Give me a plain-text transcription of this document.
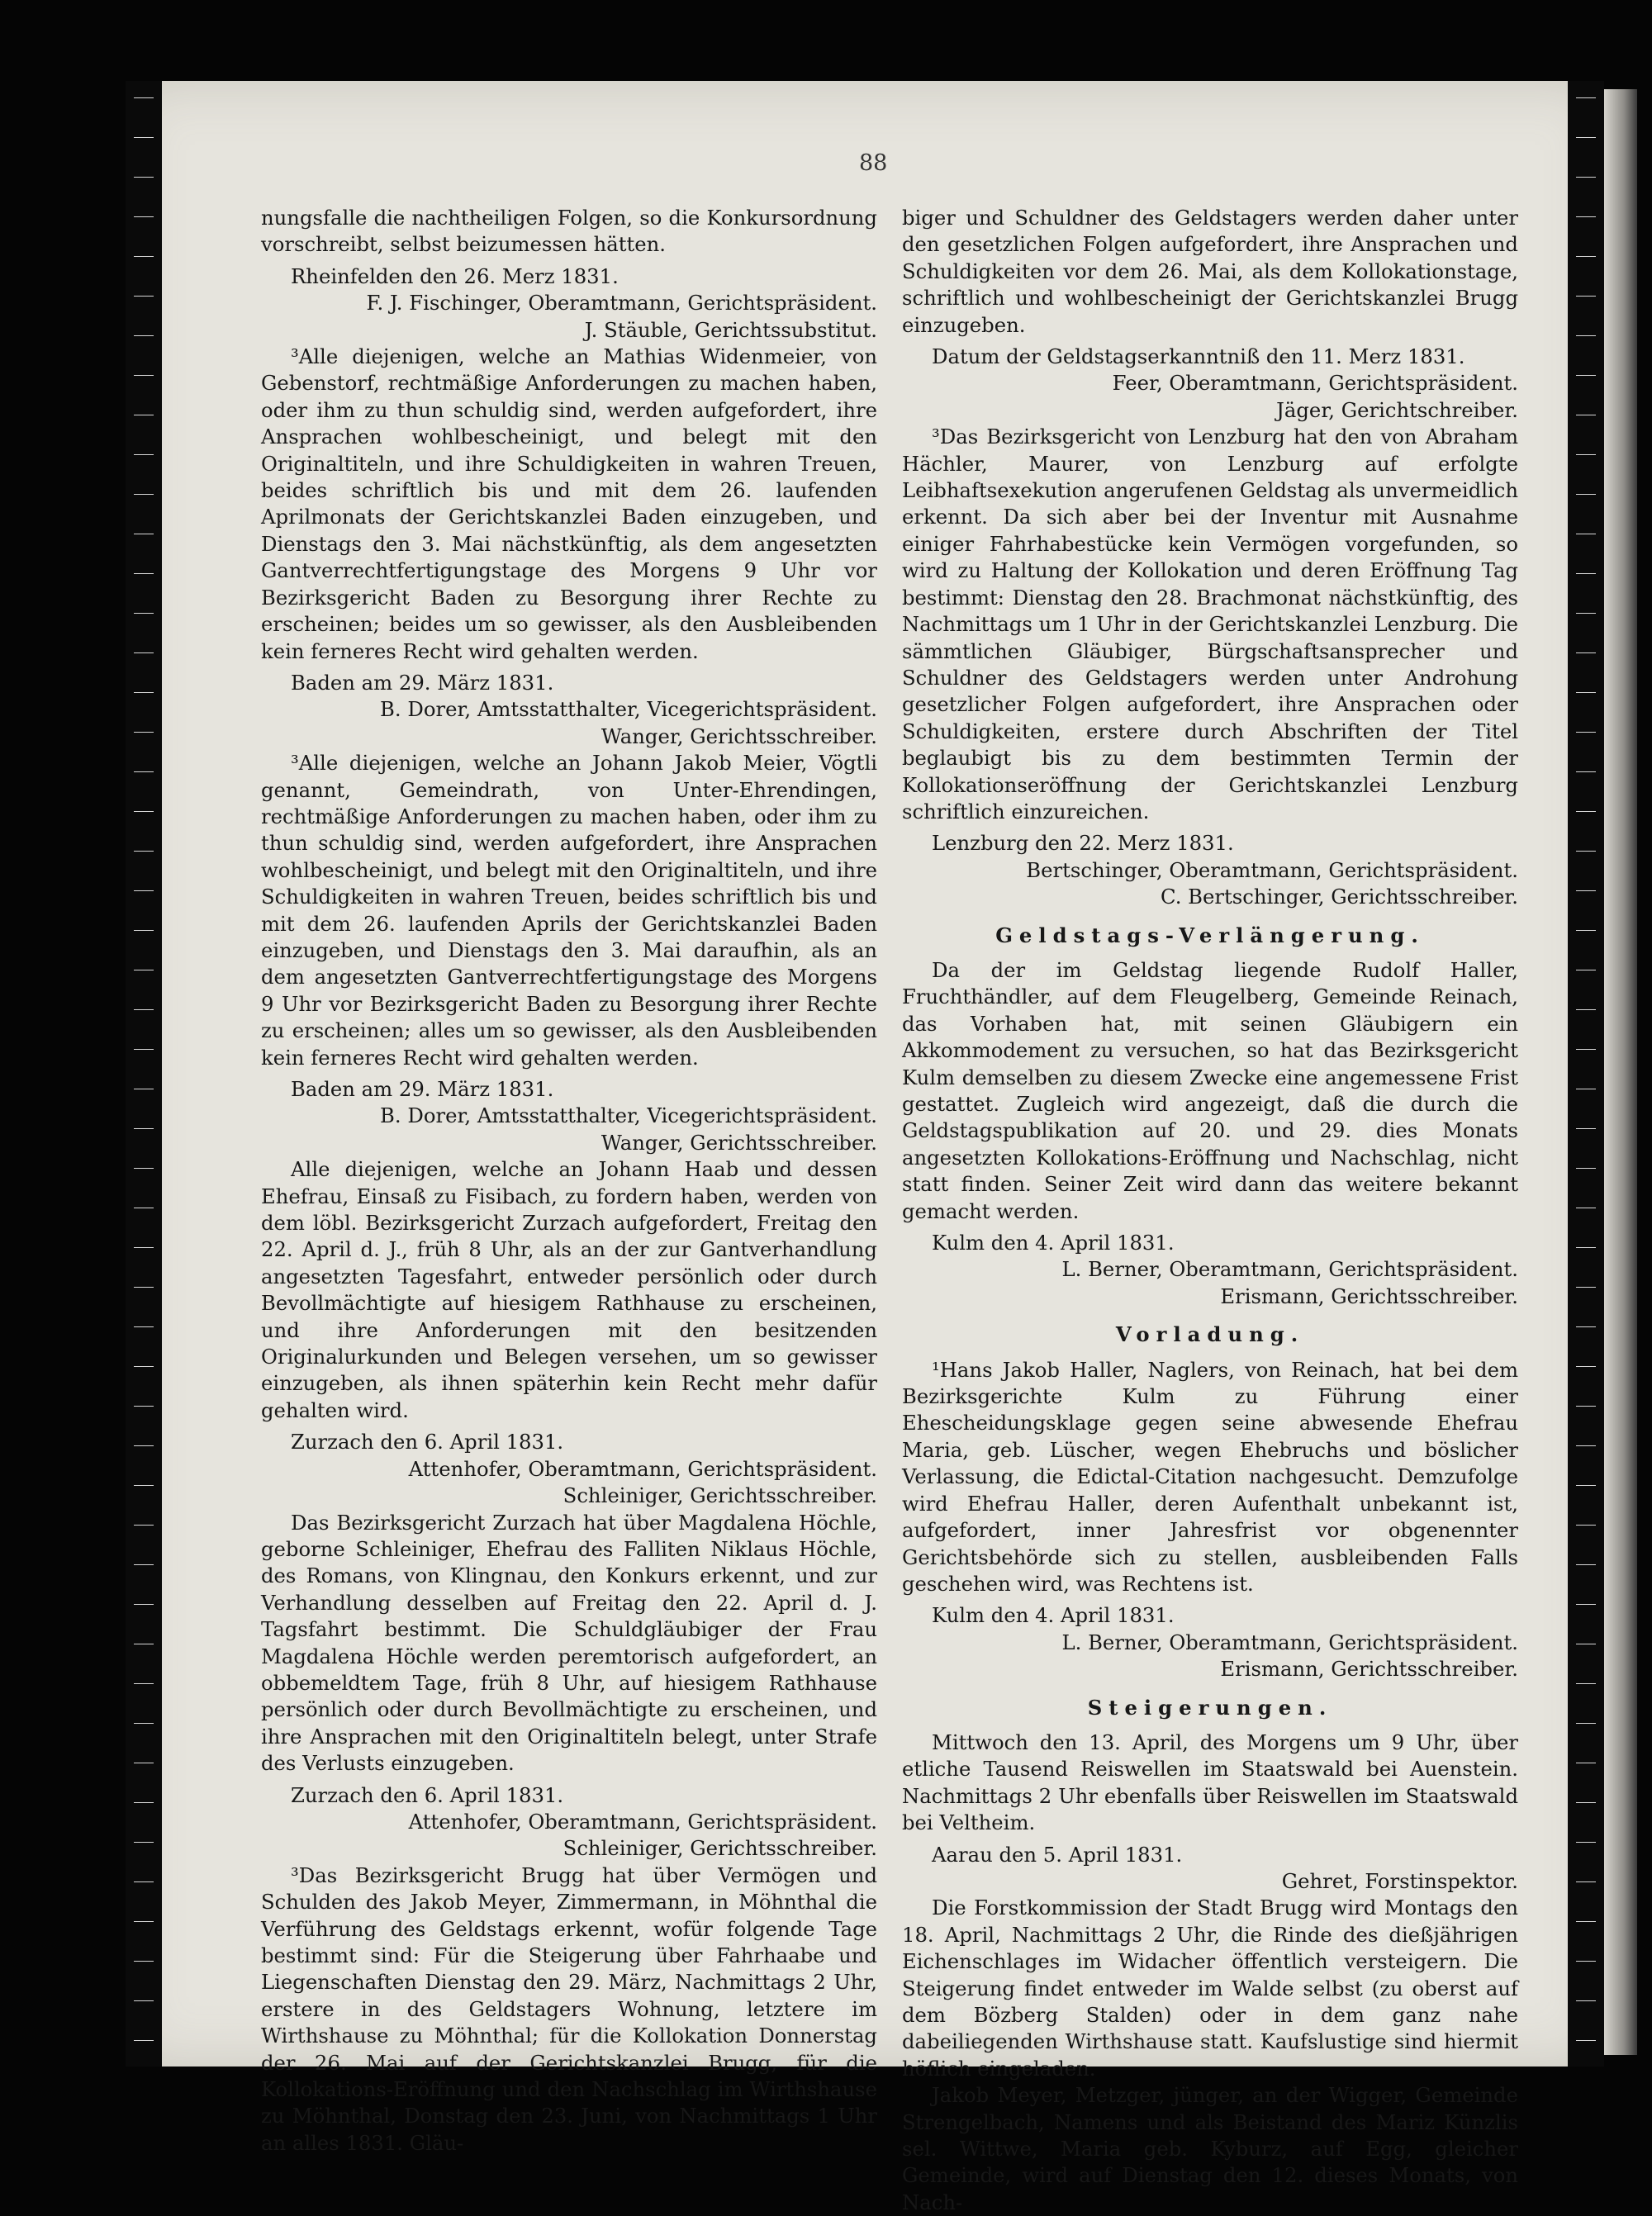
88

nungsfalle die nachtheiligen Folgen, so die Konkursordnung vorschreibt, selbst beizumessen hätten.

Rheinfelden den 26. Merz 1831.

F. J. Fischinger, Oberamtmann, Gerichtspräsident.

J. Stäuble, Gerichtssubstitut.

³Alle diejenigen, welche an Mathias Widenmeier, von Gebenstorf, rechtmäßige Anforderungen zu machen haben, oder ihm zu thun schuldig sind, werden aufgefordert, ihre Ansprachen wohlbescheinigt, und belegt mit den Originaltiteln, und ihre Schuldigkeiten in wahren Treuen, beides schriftlich bis und mit dem 26. laufenden Aprilmonats der Gerichtskanzlei Baden einzugeben, und Dienstags den 3. Mai nächstkünftig, als dem angesetzten Gantverrechtfertigungstage des Morgens 9 Uhr vor Bezirksgericht Baden zu Besorgung ihrer Rechte zu erscheinen; beides um so gewisser, als den Ausbleibenden kein ferneres Recht wird gehalten werden.

Baden am 29. März 1831.

B. Dorer, Amtsstatthalter, Vicegerichtspräsident.

Wanger, Gerichtsschreiber.

³Alle diejenigen, welche an Johann Jakob Meier, Vögtli genannt, Gemeindrath, von Unter-Ehrendingen, rechtmäßige Anforderungen zu machen haben, oder ihm zu thun schuldig sind, werden aufgefordert, ihre Ansprachen wohlbescheinigt, und belegt mit den Originaltiteln, und ihre Schuldigkeiten in wahren Treuen, beides schriftlich bis und mit dem 26. laufenden Aprils der Gerichtskanzlei Baden einzugeben, und Dienstags den 3. Mai daraufhin, als an dem angesetzten Gantverrechtfertigungstage des Morgens 9 Uhr vor Bezirksgericht Baden zu Besorgung ihrer Rechte zu erscheinen; alles um so gewisser, als den Ausbleibenden kein ferneres Recht wird gehalten werden.

Baden am 29. März 1831.

B. Dorer, Amtsstatthalter, Vicegerichtspräsident.

Wanger, Gerichtsschreiber.

Alle diejenigen, welche an Johann Haab und dessen Ehefrau, Einsaß zu Fisibach, zu fordern haben, werden von dem löbl. Bezirksgericht Zurzach aufgefordert, Freitag den 22. April d. J., früh 8 Uhr, als an der zur Gantverhandlung angesetzten Tagesfahrt, entweder persönlich oder durch Bevollmächtigte auf hiesigem Rathhause zu erscheinen, und ihre Anforderungen mit den besitzenden Originalurkunden und Belegen versehen, um so gewisser einzugeben, als ihnen späterhin kein Recht mehr dafür gehalten wird.

Zurzach den 6. April 1831.

Attenhofer, Oberamtmann, Gerichtspräsident.

Schleiniger, Gerichtsschreiber.

Das Bezirksgericht Zurzach hat über Magdalena Höchle, geborne Schleiniger, Ehefrau des Falliten Niklaus Höchle, des Romans, von Klingnau, den Konkurs erkennt, und zur Verhandlung desselben auf Freitag den 22. April d. J. Tagsfahrt bestimmt. Die Schuldgläubiger der Frau Magdalena Höchle werden peremtorisch aufgefordert, an obbemeldtem Tage, früh 8 Uhr, auf hiesigem Rathhause persönlich oder durch Bevollmächtigte zu erscheinen, und ihre Ansprachen mit den Originaltiteln belegt, unter Strafe des Verlusts einzugeben.

Zurzach den 6. April 1831.

Attenhofer, Oberamtmann, Gerichtspräsident.

Schleiniger, Gerichtsschreiber.

³Das Bezirksgericht Brugg hat über Vermögen und Schulden des Jakob Meyer, Zimmermann, in Möhnthal die Verführung des Geldstags erkennt, wofür folgende Tage bestimmt sind: Für die Steigerung über Fahrhaabe und Liegenschaften Dienstag den 29. März, Nachmittags 2 Uhr, erstere in des Geldstagers Wohnung, letztere im Wirthshause zu Möhnthal; für die Kollokation Donnerstag der 26. Mai auf der Gerichtskanzlei Brugg, für die Kollokations-Eröffnung und den Nachschlag im Wirthshause zu Möhnthal, Donstag den 23. Juni, von Nachmittags 1 Uhr an alles 1831. Gläu-

biger und Schuldner des Geldstagers werden daher unter den gesetzlichen Folgen aufgefordert, ihre Ansprachen und Schuldigkeiten vor dem 26. Mai, als dem Kollokationstage, schriftlich und wohlbescheinigt der Gerichtskanzlei Brugg einzugeben.

Datum der Geldstagserkanntniß den 11. Merz 1831.

Feer, Oberamtmann, Gerichtspräsident.

Jäger, Gerichtschreiber.

³Das Bezirksgericht von Lenzburg hat den von Abraham Hächler, Maurer, von Lenzburg auf erfolgte Leibhaftsexekution angerufenen Geldstag als unvermeidlich erkennt. Da sich aber bei der Inventur mit Ausnahme einiger Fahrhabestücke kein Vermögen vorgefunden, so wird zu Haltung der Kollokation und deren Eröffnung Tag bestimmt: Dienstag den 28. Brachmonat nächstkünftig, des Nachmittags um 1 Uhr in der Gerichtskanzlei Lenzburg. Die sämmtlichen Gläubiger, Bürgschaftsansprecher und Schuldner des Geldstagers werden unter Androhung gesetzlicher Folgen aufgefordert, ihre Ansprachen oder Schuldigkeiten, erstere durch Abschriften der Titel beglaubigt bis zu dem bestimmten Termin der Kollokationseröffnung der Gerichtskanzlei Lenzburg schriftlich einzureichen.

Lenzburg den 22. Merz 1831.

Bertschinger, Oberamtmann, Gerichtspräsident.

C. Bertschinger, Gerichtsschreiber.

Geldstags-Verlängerung.

Da der im Geldstag liegende Rudolf Haller, Fruchthändler, auf dem Fleugelberg, Gemeinde Reinach, das Vorhaben hat, mit seinen Gläubigern ein Akkommodement zu versuchen, so hat das Bezirksgericht Kulm demselben zu diesem Zwecke eine angemessene Frist gestattet. Zugleich wird angezeigt, daß die durch die Geldstagspublikation auf 20. und 29. dies Monats angesetzten Kollokations-Eröffnung und Nachschlag, nicht statt finden. Seiner Zeit wird dann das weitere bekannt gemacht werden.

Kulm den 4. April 1831.

L. Berner, Oberamtmann, Gerichtspräsident.

Erismann, Gerichtsschreiber.

Vorladung.

¹Hans Jakob Haller, Naglers, von Reinach, hat bei dem Bezirksgerichte Kulm zu Führung einer Ehescheidungsklage gegen seine abwesende Ehefrau Maria, geb. Lüscher, wegen Ehebruchs und böslicher Verlassung, die Edictal-Citation nachgesucht. Demzufolge wird Ehefrau Haller, deren Aufenthalt unbekannt ist, aufgefordert, inner Jahresfrist vor obgenennter Gerichtsbehörde sich zu stellen, ausbleibenden Falls geschehen wird, was Rechtens ist.

Kulm den 4. April 1831.

L. Berner, Oberamtmann, Gerichtspräsident.

Erismann, Gerichtsschreiber.

Steigerungen.

Mittwoch den 13. April, des Morgens um 9 Uhr, über etliche Tausend Reiswellen im Staatswald bei Auenstein. Nachmittags 2 Uhr ebenfalls über Reiswellen im Staatswald bei Veltheim.

Aarau den 5. April 1831.

Gehret, Forstinspektor.

Die Forstkommission der Stadt Brugg wird Montags den 18. April, Nachmittags 2 Uhr, die Rinde des dießjährigen Eichenschlages im Widacher öffentlich versteigern. Die Steigerung findet entweder im Walde selbst (zu oberst auf dem Bözberg Stalden) oder in dem ganz nahe dabeiliegenden Wirthshause statt. Kaufslustige sind hiermit höflich eingeladen.

Jakob Meyer, Metzger, jünger, an der Wigger, Gemeinde Strengelbach, Namens und als Beistand des Mariz Künzlis sel. Wittwe, Maria geb. Kyburz, auf Egg, gleicher Gemeinde, wird auf Dienstag den 12. dieses Monats, von Nach-
